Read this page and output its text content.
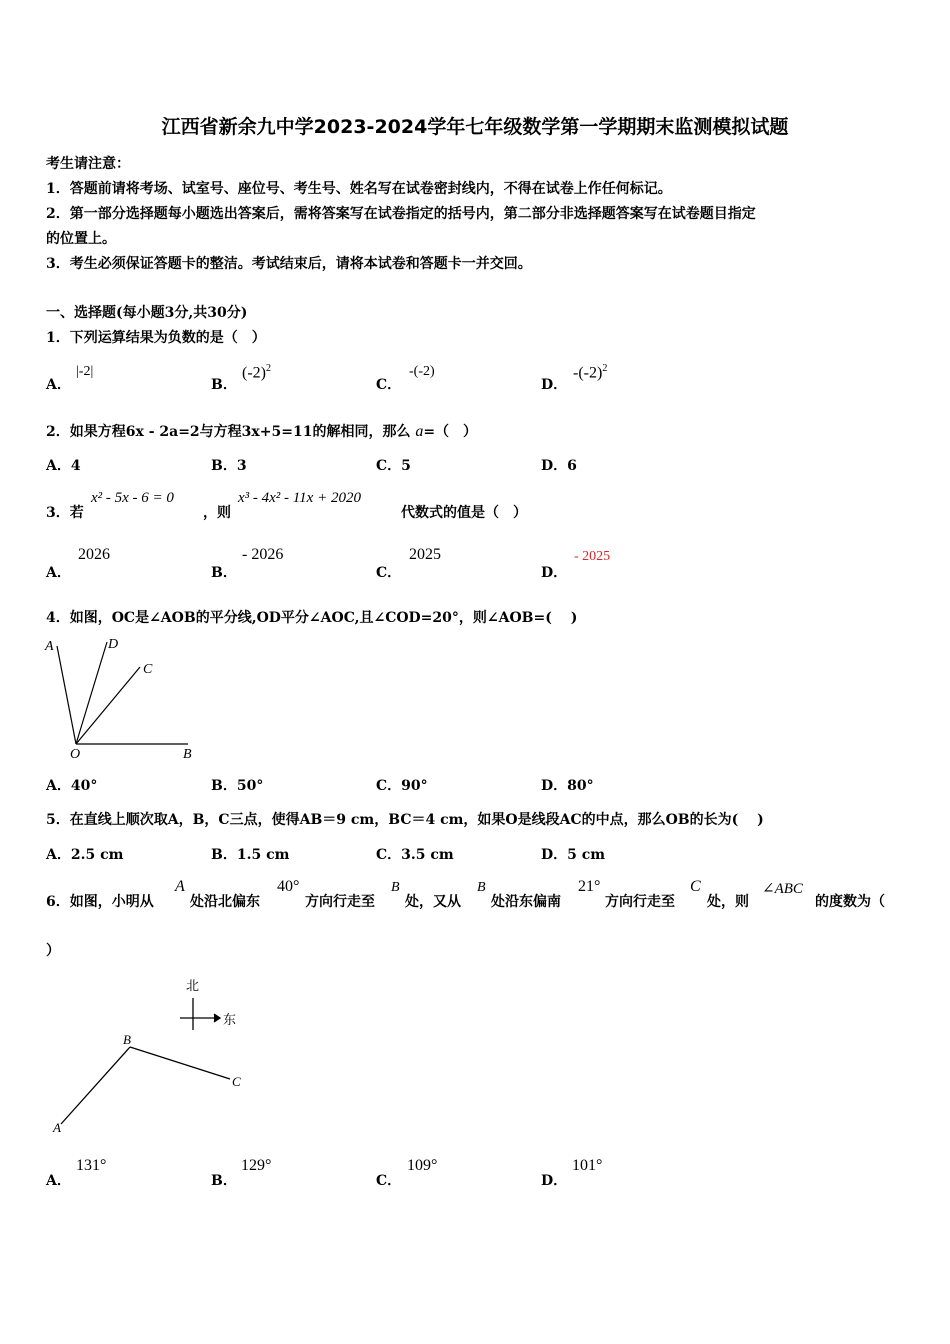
江西省新余九中学2023-2024学年七年级数学第一学期期末监测模拟试题
考生请注意：
1．答题前请将考场、试室号、座位号、考生号、姓名写在试卷密封线内，不得在试卷上作任何标记。
2．第一部分选择题每小题选出答案后，需将答案写在试卷指定的括号内，第二部分非选择题答案写在试卷题目指定
的位置上。
3．考生必须保证答题卡的整洁。考试结束后，请将本试卷和答题卡一并交回。
一、选择题(每小题3分,共30分)
1．下列运算结果为负数的是（　）
A．
|-2|
B．
$(-2)^2$
C．
-(-2)
D．
$-(-2)^2$
2．如果方程6x - 2a=2与方程3x+5=11的解相同，那么 a=（　）
A．4	B．3	C．5	D．6
3．若
x² - 5x - 6 = 0
，则
x³ - 4x² - 11x + 2020
代数式的值是（　）
A．
2026
B．
- 2026
C．
2025
D．
- 2025
4．如图，OC是∠AOB的平分线,OD平分∠AOC,且∠COD=20°，则∠AOB=(　 )
A	D
C
O	B
A．40°	B．50°	C．90°	D．80°
5．在直线上顺次取A，B，C三点，使得AB＝9 cm，BC＝4 cm，如果O是线段AC的中点，那么OB的长为(　 )
A．2.5 cm	B．1.5 cm	C．3.5 cm	D．5 cm
6．如图，小明从
A
处沿北偏东
40°
方向行走至
B
处，又从
B
处沿东偏南
21°
方向行走至
C
处，则
∠ABC
的度数为（
）
北
东
B
C
A
A．
131°
B．
129°
C．
109°
D．
101°
